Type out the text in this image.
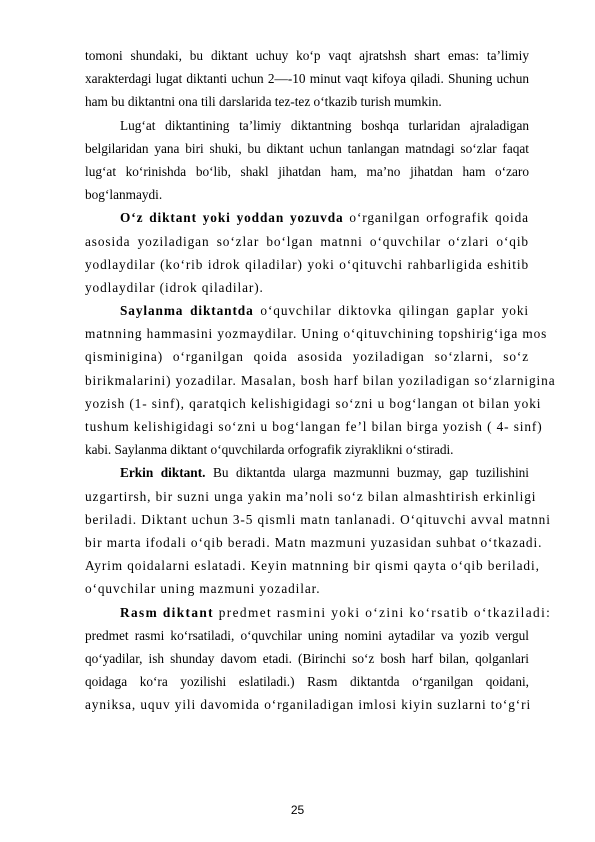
tomoni shundaki, bu diktant uchuy koʻp vaqt ajratshsh shart emas: taʼlimiy
xarakterdagi lugat diktanti uchun 2—-10 minut vaqt kifoya qiladi. Shuning uchun
ham bu diktantni ona tili darslarida tez-tez oʻtkazib turish mumkin.
Lugʻat diktantining taʼlimiy diktantning boshqa turlaridan ajraladigan
belgilaridan yana biri shuki, bu diktant uchun tanlangan matndagi soʻzlar faqat
lugʻat koʻrinishda boʻlib, shakl jihatdan ham, maʼno jihatdan ham oʻzaro
bogʻlanmaydi.
Oʻz diktant yoki yoddan yozuvda oʻrganilgan orfografik qoida
asosida yoziladigan soʻzlar boʻlgan matnni oʻquvchilar oʻzlari oʻqib
yodlaydilar (koʻrib idrok qiladilar) yoki oʻqituvchi rahbarligida eshitib
yodlaydilar (idrok qiladilar).
Saylanma diktantda oʻquvchilar diktovka qilingan gaplar yoki
matnning hammasini yozmaydilar. Uning oʻqituvchining topshirigʻiga mos
qisminigina) oʻrganilgan qoida asosida yoziladigan soʻzlarni, soʻz
birikmalarini) yozadilar. Masalan, bosh harf bilan yoziladigan soʻzlarnigina
yozish (1- sinf), qaratqich kelishigidagi soʻzni u bogʻlangan ot bilan yoki
tushum kelishigidagi soʻzni u bogʻlangan feʼl bilan birga yozish ( 4- sinf)
kabi. Saylanma diktant oʻquvchilarda orfografik ziyraklikni oʻstiradi.
Erkin diktant. Bu diktantda ularga mazmunni buzmay, gap tuzilishini
uzgartirsh, bir suzni unga yakin maʼnoli soʻz bilan almashtirish erkinligi
beriladi. Diktant uchun 3-5 qismli matn tanlanadi. Oʻqituvchi avval matnni
bir marta ifodali oʻqib beradi. Matn mazmuni yuzasidan suhbat oʻtkazadi.
Ayrim qoidalarni eslatadi. Keyin matnning bir qismi qayta oʻqib beriladi,
oʻquvchilar uning mazmuni yozadilar.
Rasm diktant predmet rasmini yoki oʻzini koʻrsatib oʻtkaziladi:
predmet rasmi koʻrsatiladi, oʻquvchilar uning nomini aytadilar va yozib vergul
qoʻyadilar, ish shunday davom etadi. (Birinchi soʻz bosh harf bilan, qolganlari
qoidaga koʻra yozilishi eslatiladi.) Rasm diktantda oʻrganilgan qoidani,
ayniksa, uquv yili davomida oʻrganiladigan imlosi kiyin suzlarni toʻgʻri
25
